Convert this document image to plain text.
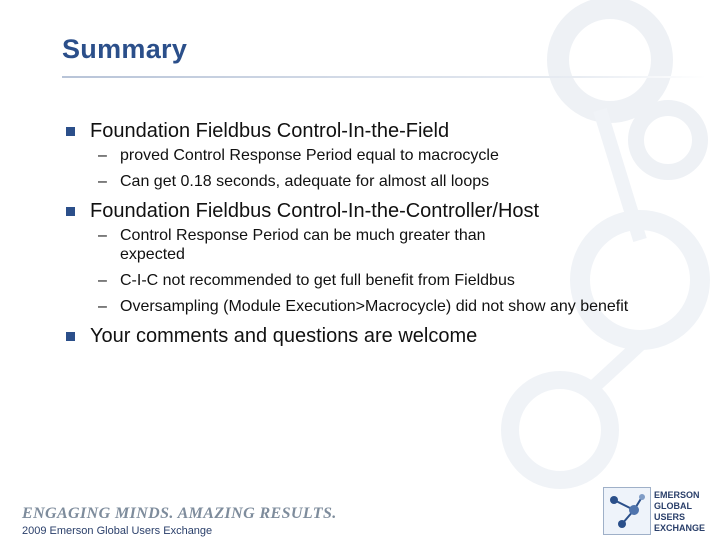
Summary
Foundation Fieldbus Control-In-the-Field
– proved Control Response Period equal to macrocycle
– Can get 0.18 seconds, adequate for almost all loops
Foundation Fieldbus Control-In-the-Controller/Host
– Control Response Period can be much greater than expected
– C-I-C not recommended to get full benefit from Fieldbus
– Oversampling (Module Execution>Macrocycle) did not show any benefit
Your comments and questions are welcome
ENGAGING MINDS. AMAZING RESULTS.
2009 Emerson Global Users Exchange
EMERSON
GLOBAL
USERS
EXCHANGE
